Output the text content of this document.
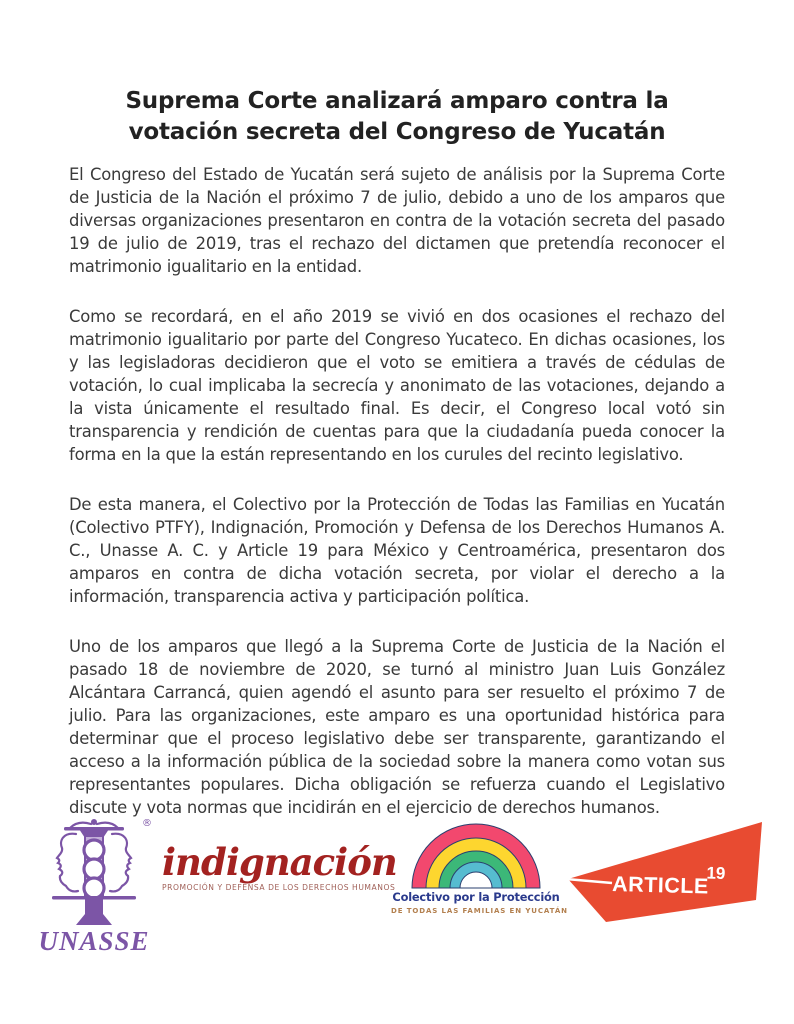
Suprema Corte analizará amparo contra la votación secreta del Congreso de Yucatán

El Congreso del Estado de Yucatán será sujeto de análisis por la Suprema Corte de Justicia de la Nación el próximo 7 de julio, debido a uno de los amparos que diversas organizaciones presentaron en contra de la votación secreta del pasado 19 de julio de 2019, tras el rechazo del dictamen que pretendía reconocer el matrimonio igualitario en la entidad.

Como se recordará, en el año 2019 se vivió en dos ocasiones el rechazo del matrimonio igualitario por parte del Congreso Yucateco. En dichas ocasiones, los y las legisladoras decidieron que el voto se emitiera a través de cédulas de votación, lo cual implicaba la secrecía y anonimato de las votaciones, dejando a la vista únicamente el resultado final. Es decir, el Congreso local votó sin transparencia y rendición de cuentas para que la ciudadanía pueda conocer la forma en la que la están representando en los curules del recinto legislativo.

De esta manera, el Colectivo por la Protección de Todas las Familias en Yucatán (Colectivo PTFY), Indignación, Promoción y Defensa de los Derechos Humanos A. C., Unasse A. C. y Article 19 para México y Centroamérica, presentaron dos amparos en contra de dicha votación secreta, por violar el derecho a la información, transparencia activa y participación política.

Uno de los amparos que llegó a la Suprema Corte de Justicia de la Nación el pasado 18 de noviembre de 2020, se turnó al ministro Juan Luis González Alcántara Carrancá, quien agendó el asunto para ser resuelto el próximo 7 de julio. Para las organizaciones, este amparo es una oportunidad histórica para determinar que el proceso legislativo debe ser transparente, garantizando el acceso a la información pública de la sociedad sobre la manera como votan sus representantes populares. Dicha obligación se refuerza cuando el Legislativo discute y vota normas que incidirán en el ejercicio de derechos humanos.

®
UNASSE
indignación
PROMOCIÓN Y DEFENSA DE LOS DERECHOS HUMANOS
Colectivo por la Protección
DE TODAS LAS FAMILIAS EN YUCATÁN
ARTICLE
19
